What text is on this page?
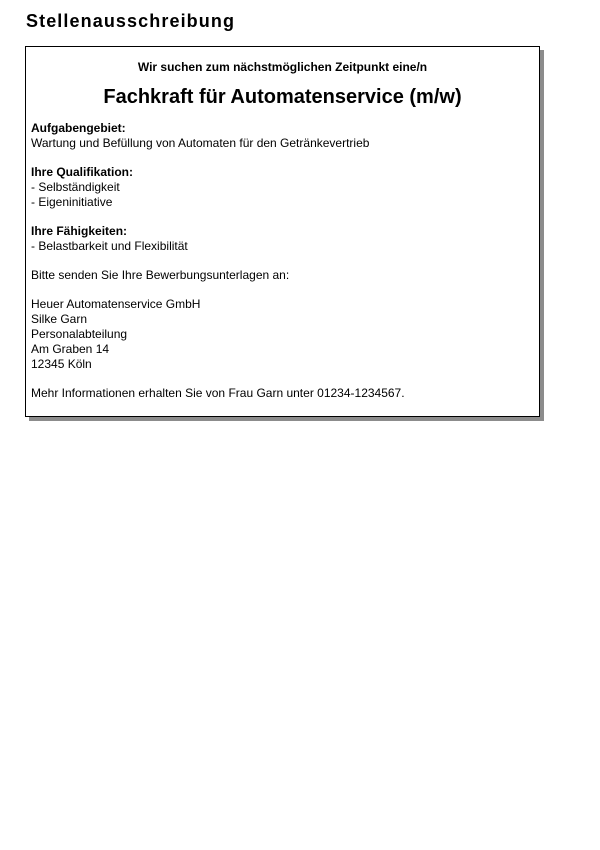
Stellenausschreibung

Wir suchen zum nächstmöglichen Zeitpunkt eine/n

Fachkraft für Automatenservice (m/w)
Aufgabengebiet:
Wartung und Befüllung von Automaten für den Getränkevertrieb
Ihre Qualifikation:
- Selbständigkeit
- Eigeninitiative
Ihre Fähigkeiten:
- Belastbarkeit und Flexibilität
Bitte senden Sie Ihre Bewerbungsunterlagen an:
Heuer Automatenservice GmbH
Silke Garn
Personalabteilung
Am Graben 14
12345 Köln
Mehr Informationen erhalten Sie von Frau Garn unter 01234-1234567.
